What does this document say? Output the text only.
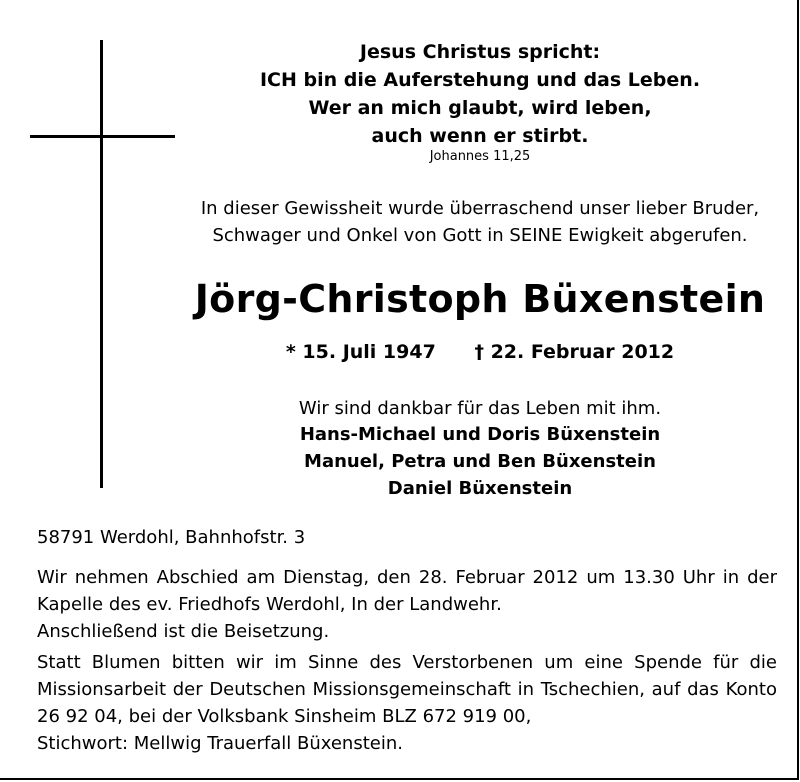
Jesus Christus spricht:
ICH bin die Auferstehung und das Leben.
Wer an mich glaubt, wird leben,
auch wenn er stirbt.
Johannes 11,25
In dieser Gewissheit wurde überraschend unser lieber Bruder,
Schwager und Onkel von Gott in SEINE Ewigkeit abgerufen.
Jörg-Christoph Büxenstein
* 15. Juli 1947 † 22. Februar 2012
Wir sind dankbar für das Leben mit ihm.
Hans-Michael und Doris Büxenstein
Manuel, Petra und Ben Büxenstein
Daniel Büxenstein
58791 Werdohl, Bahnhofstr. 3
Wir nehmen Abschied am Dienstag, den 28. Februar 2012 um 13.30 Uhr in der
Kapelle des ev. Friedhofs Werdohl, In der Landwehr.
Anschließend ist die Beisetzung.
Statt Blumen bitten wir im Sinne des Verstorbenen um eine Spende für die
Missionsarbeit der Deutschen Missionsgemeinschaft in Tschechien, auf das Konto
26 92 04, bei der Volksbank Sinsheim BLZ 672 919 00,
Stichwort: Mellwig Trauerfall Büxenstein.
